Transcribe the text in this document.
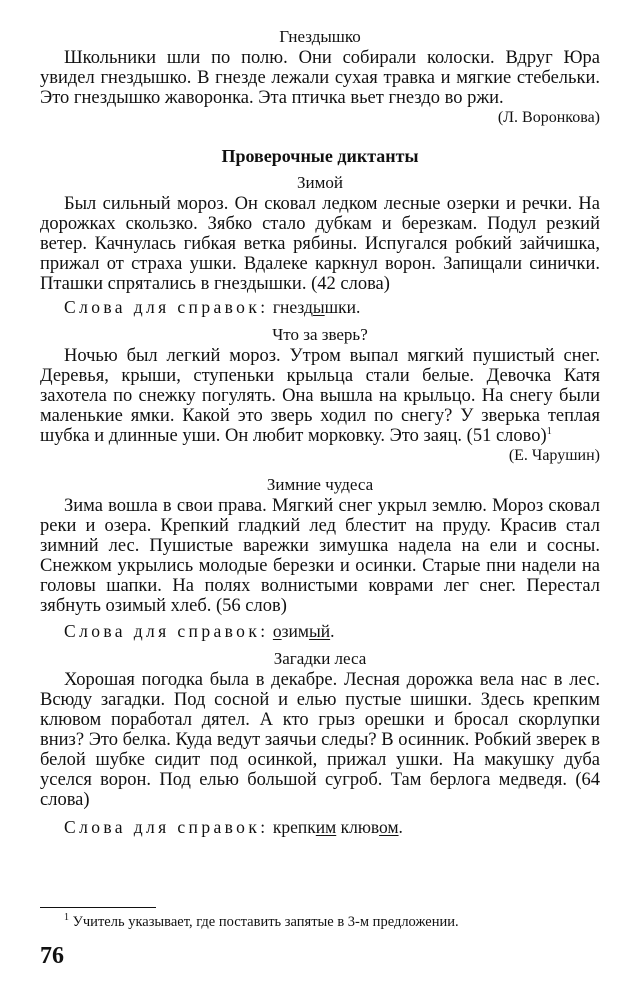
Гнездышко

Школьники шли по полю. Они собирали колоски. Вдруг Юра увидел гнездышко. В гнезде лежали сухая травка и мягкие стебельки. Это гнездышко жаворонка. Эта птичка вьет гнездо во ржи.

(Л. Воронкова)

Проверочные диктанты

Зимой

Был сильный мороз. Он сковал ледком лесные озерки и речки. На дорожках скользко. Зябко стало дубкам и березкам. Подул резкий ветер. Качнулась гибкая ветка рябины. Испугался робкий зайчишка, прижал от страха ушки. Вдалеке каркнул ворон. Запищали синички. Пташки спрятались в гнездышки. (42 слова)

Слова для справок: гнездышки.

Что за зверь?

Ночью был легкий мороз. Утром выпал мягкий пушистый снег. Деревья, крыши, ступеньки крыльца стали белые. Девочка Катя захотела по снежку погулять. Она вышла на крыльцо. На снегу были маленькие ямки. Какой это зверь ходил по снегу? У зверька теплая шубка и длинные уши. Он любит морковку. Это заяц. (51 слово)$^1$

(Е. Чарушин)

Зимние чудеса

Зима вошла в свои права. Мягкий снег укрыл землю. Мороз сковал реки и озера. Крепкий гладкий лед блестит на пруду. Красив стал зимний лес. Пушистые варежки зимушка надела на ели и сосны. Снежком укрылись молодые березки и осинки. Старые пни надели на головы шапки. На полях волнистыми коврами лег снег. Перестал зябнуть озимый хлеб. (56 слов)

Слова для справок: озимый.

Загадки леса

Хорошая погодка была в декабре. Лесная дорожка вела нас в лес. Всюду загадки. Под сосной и елью пустые шишки. Здесь крепким клювом поработал дятел. А кто грыз орешки и бросал скорлупки вниз? Это белка. Куда ведут заячьи следы? В осинник. Робкий зверек в белой шубке сидит под осинкой, прижал ушки. На макушку дуба уселся ворон. Под елью большой сугроб. Там берлога медведя. (64 слова)

Слова для справок: крепким клювом.

$^1$ Учитель указывает, где поставить запятые в 3-м предложении.

76
